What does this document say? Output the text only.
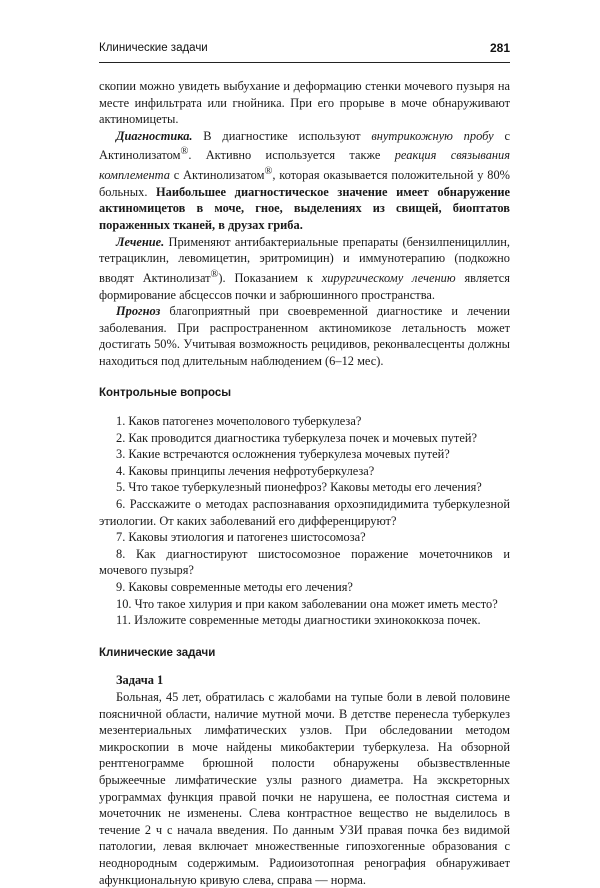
Клинические задачи	281

скопии можно увидеть выбухание и деформацию стенки мочевого пузыря на месте инфильтрата или гнойника. При его прорыве в моче обнаруживают актиномицеты.

Диагностика. В диагностике используют внутрикожную пробу с Актинолизатом®. Активно используется также реакция связывания комплемента с Актинолизатом®, которая оказывается положительной у 80% больных. Наибольшее диагностическое значение имеет обнаружение актиномицетов в моче, гное, выделениях из свищей, биоптатов пораженных тканей, в друзах гриба.

Лечение. Применяют антибактериальные препараты (бензилпенициллин, тетрациклин, левомицетин, эритромицин) и иммунотерапию (подкожно вводят Актинолизат®). Показанием к хирургическому лечению является формирование абсцессов почки и забрюшинного пространства.

Прогноз благоприятный при своевременной диагностике и лечении заболевания. При распространенном актиномикозе летальность может достигать 50%. Учитывая возможность рецидивов, реконвалесценты должны находиться под длительным наблюдением (6–12 мес).

Контрольные вопросы

1. Каков патогенез мочеполового туберкулеза?
2. Как проводится диагностика туберкулеза почек и мочевых путей?
3. Какие встречаются осложнения туберкулеза мочевых путей?
4. Каковы принципы лечения нефротуберкулеза?
5. Что такое туберкулезный пионефроз? Каковы методы его лечения?
6. Расскажите о методах распознавания орхоэпидидимита туберкулезной этиологии. От каких заболеваний его дифференцируют?
7. Каковы этиология и патогенез шистосомоза?
8. Как диагностируют шистосомозное поражение мочеточников и мочевого пузыря?
9. Каковы современные методы его лечения?
10. Что такое хилурия и при каком заболевании она может иметь место?
11. Изложите современные методы диагностики эхинококкоза почек.

Клинические задачи

Задача 1

Больная, 45 лет, обратилась с жалобами на тупые боли в левой половине поясничной области, наличие мутной мочи. В детстве перенесла туберкулез мезентериальных лимфатических узлов. При обследовании методом микроскопии в моче найдены микобактерии туберкулеза. На обзорной рентгенограмме брюшной полости обнаружены обызвествленные брыжеечные лимфатические узлы разного диаметра. На экскреторных урограммах функция правой почки не нарушена, ее полостная система и мочеточник не изменены. Слева контрастное вещество не выделилось в течение 2 ч с начала введения. По данным УЗИ правая почка без видимой патологии, левая включает множественные гипоэхогенные образования с неоднородным содержимым. Радиоизотопная ренография обнаруживает афункциональную кривую слева, справа — норма.
